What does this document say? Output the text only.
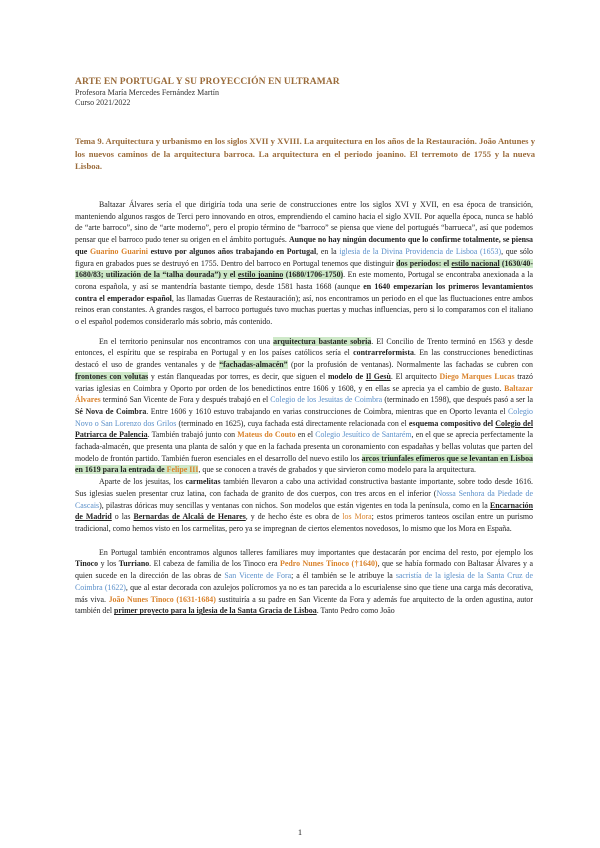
ARTE EN PORTUGAL Y SU PROYECCIÓN EN ULTRAMAR
Profesora María Mercedes Fernández Martín
Curso 2021/2022
Tema 9. Arquitectura y urbanismo en los siglos XVII y XVIII. La arquitectura en los años de la Restauración. João Antunes y los nuevos caminos de la arquitectura barroca. La arquitectura en el periodo joanino. El terremoto de 1755 y la nueva Lisboa.

Baltazar Álvares sería el que dirigiría toda una serie de construcciones entre los siglos XVI y XVII, en esa época de transición, manteniendo algunos rasgos de Terci pero innovando en otros, emprendiendo el camino hacia el siglo XVII. Por aquella época, nunca se habló de “arte barroco”, sino de “arte moderno”, pero el propio término de “barroco” se piensa que viene del portugués “barrueca”, así que podemos pensar que el barroco pudo tener su origen en el ámbito portugués. Aunque no hay ningún documento que lo confirme totalmente, se piensa que Guarino Guarini estuvo por algunos años trabajando en Portugal, en la iglesia de la Divina Providencia de Lisboa (1653), que sólo figura en grabados pues se destruyó en 1755. Dentro del barroco en Portugal tenemos que distinguir dos periodos: el estilo nacional (1630/40-1680/83; utilización de la “talha dourada”) y el estilo joanino (1680/1706-1750). En este momento, Portugal se encontraba anexionada a la corona española, y así se mantendría bastante tiempo, desde 1581 hasta 1668 (aunque en 1640 empezarían los primeros levantamientos contra el emperador español, las llamadas Guerras de Restauración); así, nos encontramos un periodo en el que las fluctuaciones entre ambos reinos eran constantes. A grandes rasgos, el barroco portugués tuvo muchas puertas y muchas influencias, pero si lo comparamos con el italiano o el español podemos considerarlo más sobrio, más contenido.

En el territorio peninsular nos encontramos con una arquitectura bastante sobria. El Concilio de Trento terminó en 1563 y desde entonces, el espíritu que se respiraba en Portugal y en los países católicos sería el contrarreformista. En las construcciones benedictinas destacó el uso de grandes ventanales y de “fachadas-almacén” (por la profusión de ventanas). Normalmente las fachadas se cubren con frontones con volutas y están flanqueadas por torres, es decir, que siguen el modelo de Il Gesù. El arquitecto Diego Marques Lucas trazó varias iglesias en Coimbra y Oporto por orden de los benedictinos entre 1606 y 1608, y en ellas se aprecia ya el cambio de gusto. Baltazar Álvares terminó San Vicente de Fora y después trabajó en el Colegio de los Jesuitas de Coimbra (terminado en 1598), que después pasó a ser la Sé Nova de Coimbra. Entre 1606 y 1610 estuvo trabajando en varias construcciones de Coimbra, mientras que en Oporto levanta el Colegio Novo o San Lorenzo dos Grilos (terminado en 1625), cuya fachada está directamente relacionada con el esquema compositivo del Colegio del Patriarca de Palencia. También trabajó junto con Mateus do Couto en el Colegio Jesuítico de Santarém, en el que se aprecia perfectamente la fachada-almacén, que presenta una planta de salón y que en la fachada presenta un coronamiento con espadañas y bellas volutas que parten del modelo de frontón partido. También fueron esenciales en el desarrollo del nuevo estilo los arcos triunfales efímeros que se levantan en Lisboa en 1619 para la entrada de Felipe III, que se conocen a través de grabados y que sirvieron como modelo para la arquitectura.

Aparte de los jesuitas, los carmelitas también llevaron a cabo una actividad constructiva bastante importante, sobre todo desde 1616. Sus iglesias suelen presentar cruz latina, con fachada de granito de dos cuerpos, con tres arcos en el inferior (Nossa Senhora da Piedade de Cascais), pilastras dóricas muy sencillas y ventanas con nichos. Son modelos que están vigentes en toda la península, como en la Encarnación de Madrid o las Bernardas de Alcalá de Henares, y de hecho éste es obra de los Mora; estos primeros tanteos oscilan entre un purismo tradicional, como hemos visto en los carmelitas, pero ya se impregnan de ciertos elementos novedosos, lo mismo que los Mora en España.

En Portugal también encontramos algunos talleres familiares muy importantes que destacarán por encima del resto, por ejemplo los Tinoco y los Turriano. El cabeza de familia de los Tinoco era Pedro Nunes Tinoco (†1640), que se había formado con Baltasar Álvares y a quien sucede en la dirección de las obras de San Vicente de Fora; a él también se le atribuye la sacristía de la iglesia de la Santa Cruz de Coimbra (1622), que al estar decorada con azulejos polícromos ya no es tan parecida a lo escurialense sino que tiene una carga más decorativa, más viva. João Nunes Tinoco (1631-1684) sustituiría a su padre en San Vicente da Fora y además fue arquitecto de la orden agustina, autor también del primer proyecto para la iglesia de la Santa Gracia de Lisboa. Tanto Pedro como João

1
